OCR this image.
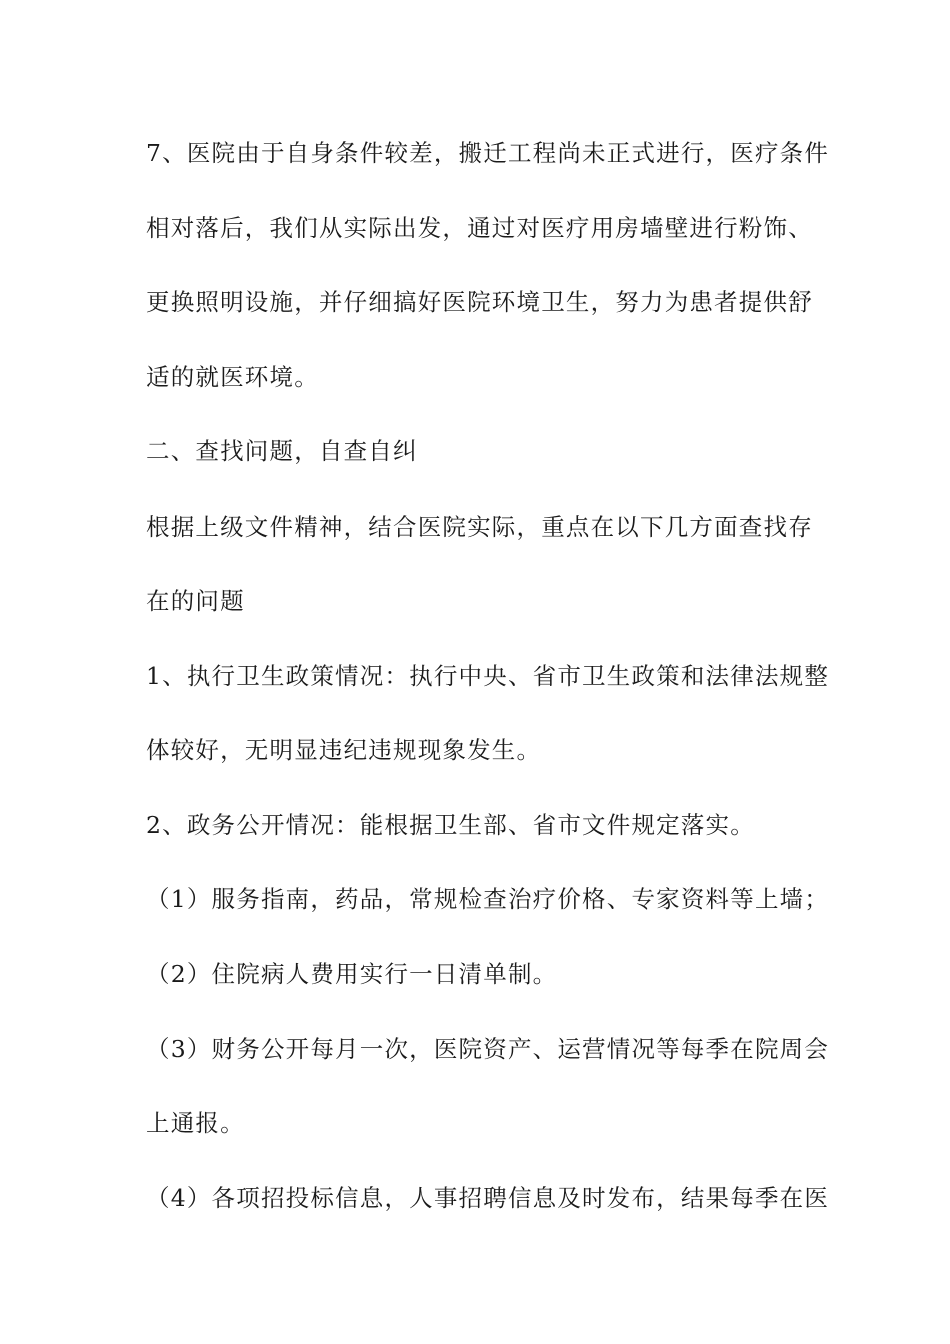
7、医院由于自身条件较差，搬迁工程尚未正式进行，医疗条件
相对落后，我们从实际出发，通过对医疗用房墙壁进行粉饰、
更换照明设施，并仔细搞好医院环境卫生，努力为患者提供舒
适的就医环境。
二、查找问题，自查自纠
根据上级文件精神，结合医院实际，重点在以下几方面查找存
在的问题
1、执行卫生政策情况：执行中央、省市卫生政策和法律法规整
体较好，无明显违纪违规现象发生。
2、政务公开情况：能根据卫生部、省市文件规定落实。
（1）服务指南，药品，常规检查治疗价格、专家资料等上墙；
（2）住院病人费用实行一日清单制。
（3）财务公开每月一次，医院资产、运营情况等每季在院周会
上通报。
（4）各项招投标信息，人事招聘信息及时发布，结果每季在医
